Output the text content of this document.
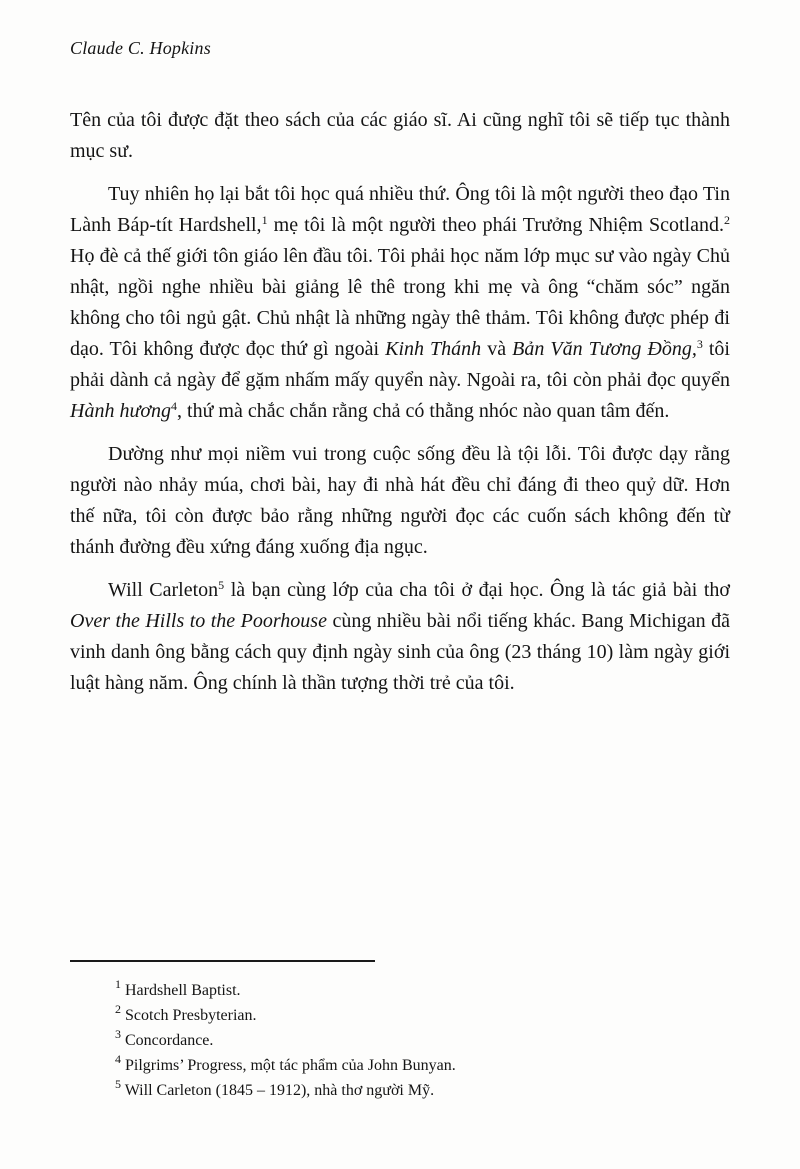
Claude C. Hopkins

Tên của tôi được đặt theo sách của các giáo sĩ. Ai cũng nghĩ tôi sẽ tiếp tục thành mục sư.

Tuy nhiên họ lại bắt tôi học quá nhiều thứ. Ông tôi là một người theo đạo Tin Lành Báp-tít Hardshell,$^1$ mẹ tôi là một người theo phái Trưởng Nhiệm Scotland.$^2$ Họ đè cả thế giới tôn giáo lên đầu tôi. Tôi phải học năm lớp mục sư vào ngày Chủ nhật, ngồi nghe nhiều bài giảng lê thê trong khi mẹ và ông “chăm sóc” ngăn không cho tôi ngủ gật. Chủ nhật là những ngày thê thảm. Tôi không được phép đi dạo. Tôi không được đọc thứ gì ngoài Kinh Thánh và Bản Văn Tương Đồng,$^3$ tôi phải dành cả ngày để gặm nhấm mấy quyển này. Ngoài ra, tôi còn phải đọc quyển Hành hương$^4$, thứ mà chắc chắn rằng chả có thằng nhóc nào quan tâm đến.

Dường như mọi niềm vui trong cuộc sống đều là tội lỗi. Tôi được dạy rằng người nào nhảy múa, chơi bài, hay đi nhà hát đều chỉ đáng đi theo quỷ dữ. Hơn thế nữa, tôi còn được bảo rằng những người đọc các cuốn sách không đến từ thánh đường đều xứng đáng xuống địa ngục.

Will Carleton$^5$ là bạn cùng lớp của cha tôi ở đại học. Ông là tác giả bài thơ Over the Hills to the Poorhouse cùng nhiều bài nổi tiếng khác. Bang Michigan đã vinh danh ông bằng cách quy định ngày sinh của ông (23 tháng 10) làm ngày giới luật hàng năm. Ông chính là thần tượng thời trẻ của tôi.

$^1$ Hardshell Baptist.
$^2$ Scotch Presbyterian.
$^3$ Concordance.
$^4$ Pilgrims’ Progress, một tác phẩm của John Bunyan.
$^5$ Will Carleton (1845 – 1912), nhà thơ người Mỹ.
